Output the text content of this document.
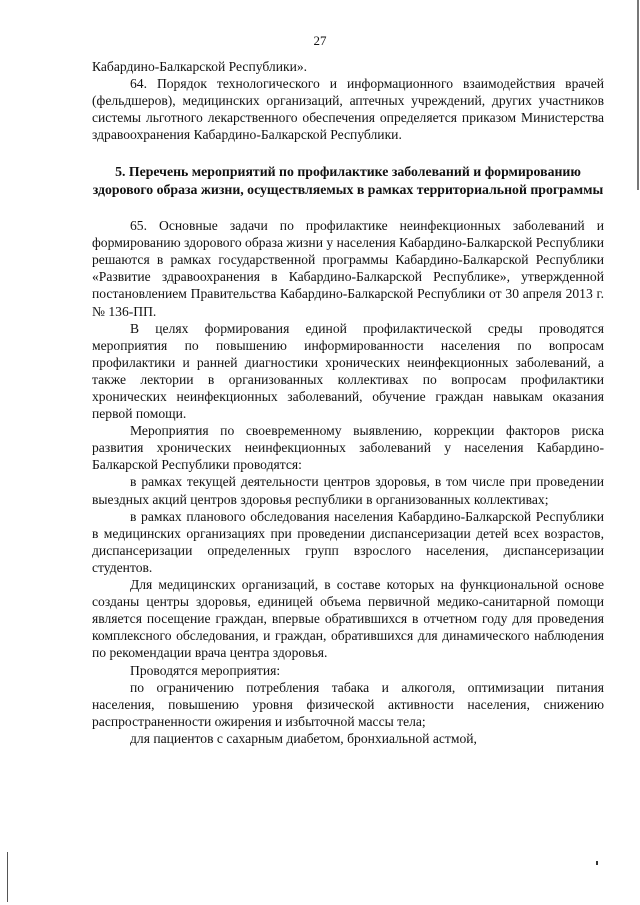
27

Кабардино-Балкарской Республики».

64. Порядок технологического и информационного взаимодействия врачей (фельдшеров), медицинских организаций, аптечных учреждений, других участников системы льготного лекарственного обеспечения определяется приказом Министерства здравоохранения Кабардино-Балкарской Республики.

5. Перечень мероприятий по профилактике заболеваний и формированию здорового образа жизни, осуществляемых в рамках территориальной программы

65. Основные задачи по профилактике неинфекционных заболеваний и формированию здорового образа жизни у населения Кабардино-Балкарской Республики решаются в рамках государственной программы Кабардино-Балкарской Республики «Развитие здравоохранения в Кабардино-Балкарской Республике», утвержденной постановлением Правительства Кабардино-Балкарской Республики от 30 апреля 2013 г. № 136-ПП.

В целях формирования единой профилактической среды проводятся мероприятия по повышению информированности населения по вопросам профилактики и ранней диагностики хронических неинфекционных заболеваний, а также лектории в организованных коллективах по вопросам профилактики хронических неинфекционных заболеваний, обучение граждан навыкам оказания первой помощи.

Мероприятия по своевременному выявлению, коррекции факторов риска развития хронических неинфекционных заболеваний у населения Кабардино-Балкарской Республики проводятся:

в рамках текущей деятельности центров здоровья, в том числе при проведении выездных акций центров здоровья республики в организованных коллективах;

в рамках планового обследования населения Кабардино-Балкарской Республики в медицинских организациях при проведении диспансеризации детей всех возрастов, диспансеризации определенных групп взрослого населения, диспансеризации студентов.

Для медицинских организаций, в составе которых на функциональной основе созданы центры здоровья, единицей объема первичной медико-санитарной помощи является посещение граждан, впервые обратившихся в отчетном году для проведения комплексного обследования, и граждан, обратившихся для динамического наблюдения по рекомендации врача центра здоровья.

Проводятся мероприятия:

по ограничению потребления табака и алкоголя, оптимизации питания населения, повышению уровня физической активности населения, снижению распространенности ожирения и избыточной массы тела;

для пациентов с сахарным диабетом, бронхиальной астмой,
